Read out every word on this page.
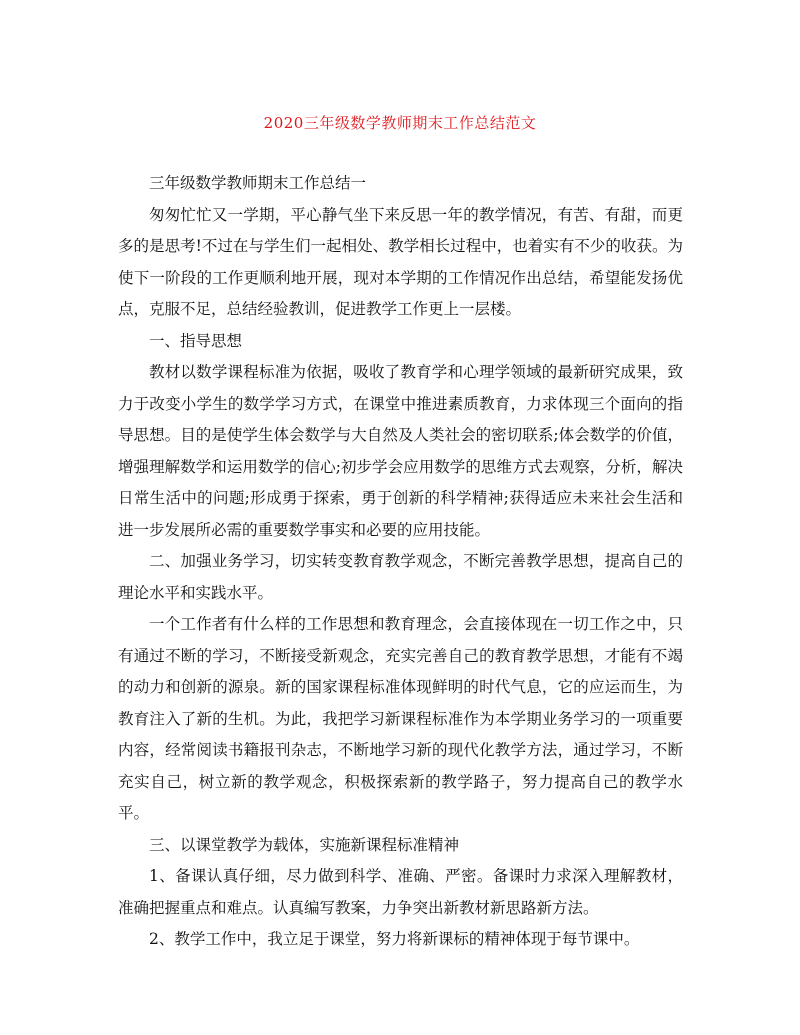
2020三年级数学教师期末工作总结范文

三年级数学教师期末工作总结一

匆匆忙忙又一学期，平心静气坐下来反思一年的教学情况，有苦、有甜，而更多的是思考!不过在与学生们一起相处、教学相长过程中，也着实有不少的收获。为使下一阶段的工作更顺利地开展，现对本学期的工作情况作出总结，希望能发扬优点，克服不足，总结经验教训，促进教学工作更上一层楼。

一、指导思想

教材以数学课程标准为依据，吸收了教育学和心理学领域的最新研究成果，致力于改变小学生的数学学习方式，在课堂中推进素质教育，力求体现三个面向的指导思想。目的是使学生体会数学与大自然及人类社会的密切联系;体会数学的价值，增强理解数学和运用数学的信心;初步学会应用数学的思维方式去观察，分析，解决日常生活中的问题;形成勇于探索，勇于创新的科学精神;获得适应未来社会生活和进一步发展所必需的重要数学事实和必要的应用技能。

二、加强业务学习，切实转变教育教学观念，不断完善教学思想，提高自己的理论水平和实践水平。

一个工作者有什么样的工作思想和教育理念，会直接体现在一切工作之中，只有通过不断的学习，不断接受新观念，充实完善自己的教育教学思想，才能有不竭的动力和创新的源泉。新的国家课程标准体现鲜明的时代气息，它的应运而生，为教育注入了新的生机。为此，我把学习新课程标准作为本学期业务学习的一项重要内容，经常阅读书籍报刊杂志，不断地学习新的现代化教学方法，通过学习，不断充实自己，树立新的教学观念，积极探索新的教学路子，努力提高自己的教学水平。

三、以课堂教学为载体，实施新课程标准精神

1、备课认真仔细，尽力做到科学、准确、严密。备课时力求深入理解教材，准确把握重点和难点。认真编写教案，力争突出新教材新思路新方法。

2、教学工作中，我立足于课堂，努力将新课标的精神体现于每节课中。
